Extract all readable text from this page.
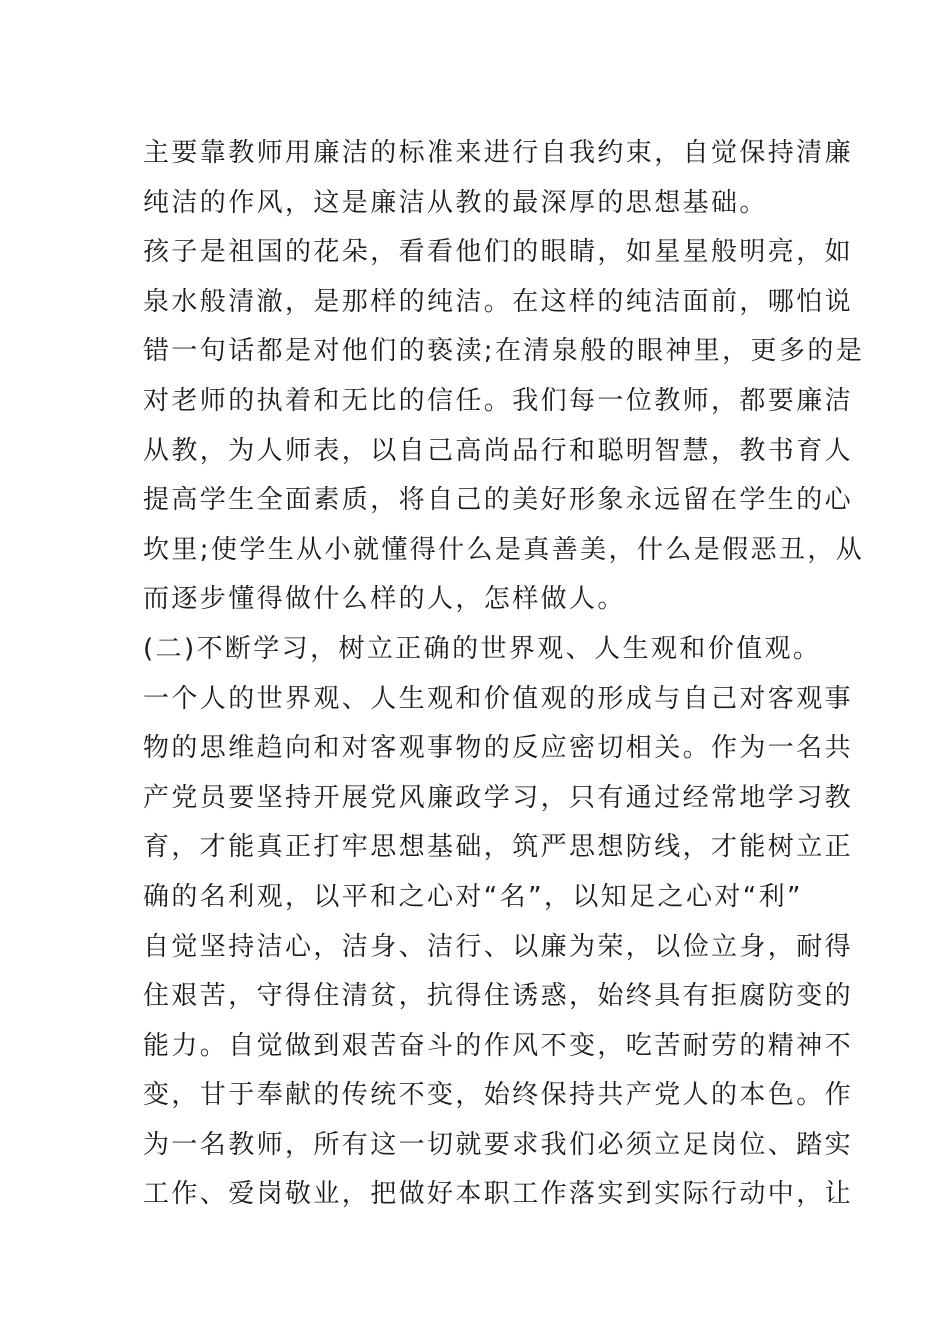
主要靠教师用廉洁的标准来进行自我约束，自觉保持清廉
纯洁的作风，这是廉洁从教的最深厚的思想基础。
孩子是祖国的花朵，看看他们的眼睛，如星星般明亮，如
泉水般清澈，是那样的纯洁。在这样的纯洁面前，哪怕说
错一句话都是对他们的亵渎;在清泉般的眼神里，更多的是
对老师的执着和无比的信任。我们每一位教师，都要廉洁
从教，为人师表，以自己高尚品行和聪明智慧，教书育人
提高学生全面素质，将自己的美好形象永远留在学生的心
坎里;使学生从小就懂得什么是真善美，什么是假恶丑，从
而逐步懂得做什么样的人，怎样做人。
(二)不断学习，树立正确的世界观、人生观和价值观。
一个人的世界观、人生观和价值观的形成与自己对客观事
物的思维趋向和对客观事物的反应密切相关。作为一名共
产党员要坚持开展党风廉政学习，只有通过经常地学习教
育，才能真正打牢思想基础，筑严思想防线，才能树立正
确的名利观，以平和之心对“名”，以知足之心对“利”
自觉坚持洁心，洁身、洁行、以廉为荣，以俭立身，耐得
住艰苦，守得住清贫，抗得住诱惑，始终具有拒腐防变的
能力。自觉做到艰苦奋斗的作风不变，吃苦耐劳的精神不
变，甘于奉献的传统不变，始终保持共产党人的本色。作
为一名教师，所有这一切就要求我们必须立足岗位、踏实
工作、爱岗敬业，把做好本职工作落实到实际行动中，让
